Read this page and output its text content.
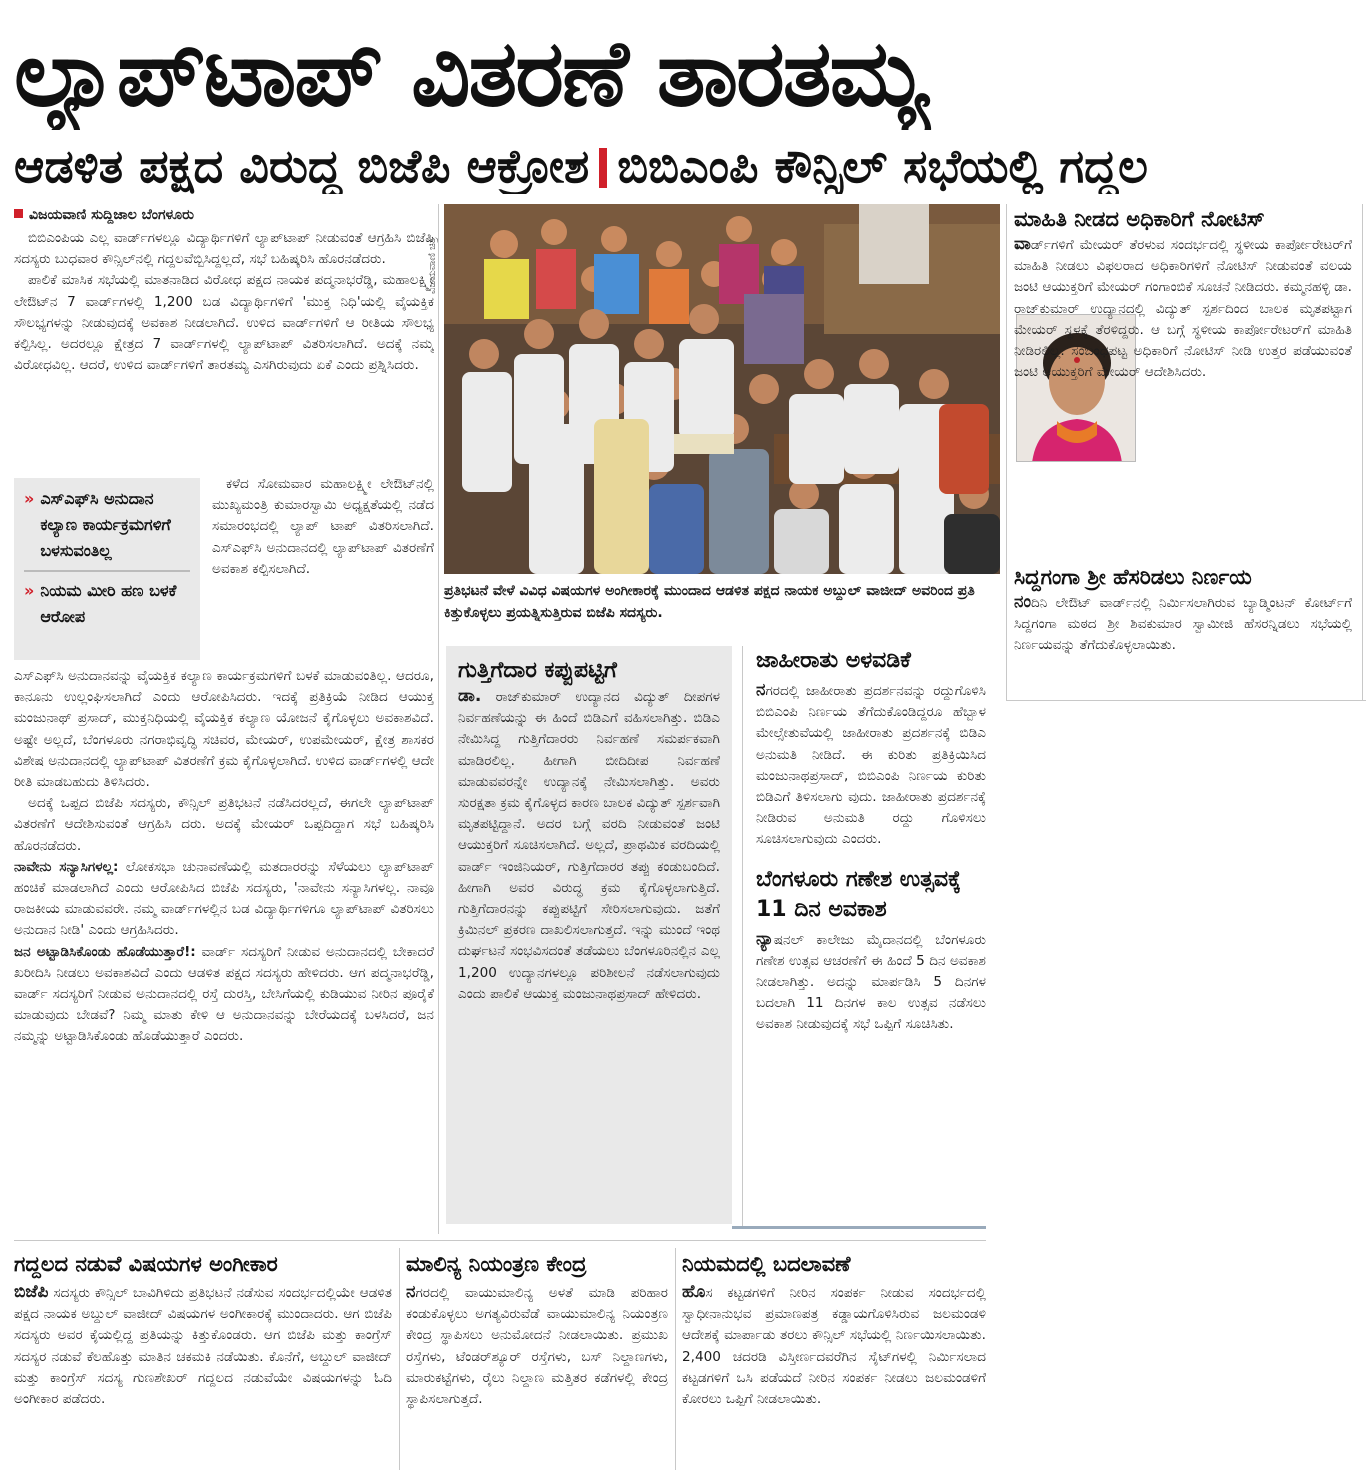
ಲ್ಯಾಪ್‌ಟಾಪ್ ವಿತರಣೆ ತಾರತಮ್ಯ
ಆಡಳಿತ ಪಕ್ಷದ ವಿರುದ್ಧ ಬಿಜೆಪಿ ಆಕ್ರೋಶ ಬಿಬಿಎಂಪಿ ಕೌನ್ಸಿಲ್ ಸಭೆಯಲ್ಲಿ ಗದ್ದಲ
ವಿಜಯವಾಣಿ ಸುದ್ದಿಜಾಲ ಬೆಂಗಳೂರು

ಬಿಬಿಎಂಪಿಯ ಎಲ್ಲ ವಾರ್ಡ್‌ಗಳಲ್ಲೂ ವಿದ್ಯಾರ್ಥಿಗಳಿಗೆ ಲ್ಯಾಪ್‌ಟಾಪ್ ನೀಡುವಂತೆ ಆಗ್ರಹಿಸಿ ಬಿಜೆಪಿ ಸದಸ್ಯರು ಬುಧವಾರ ಕೌನ್ಸಿಲ್‌ನಲ್ಲಿ ಗದ್ದಲವೆಬ್ಬಿಸಿದ್ದಲ್ಲದೆ, ಸಭೆ ಬಹಿಷ್ಕರಿಸಿ ಹೊರನಡೆದರು.

ಪಾಲಿಕೆ ಮಾಸಿಕ ಸಭೆಯಲ್ಲಿ ಮಾತನಾಡಿದ ವಿರೋಧ ಪಕ್ಷದ ನಾಯಕ ಪದ್ಮನಾಭರೆಡ್ಡಿ, ಮಹಾಲಕ್ಷ್ಮೀ ಲೇಔಟ್‌ನ 7 ವಾರ್ಡ್‌ಗಳಲ್ಲಿ 1,200 ಬಡ ವಿದ್ಯಾರ್ಥಿಗಳಿಗೆ 'ಮುಕ್ತ ನಿಧಿ'ಯಲ್ಲಿ ವೈಯಕ್ತಿಕ ಸೌಲಭ್ಯಗಳನ್ನು ನೀಡುವುದಕ್ಕೆ ಅವಕಾಶ ನೀಡಲಾಗಿದೆ. ಉಳಿದ ವಾರ್ಡ್‌ಗಳಿಗೆ ಆ ರೀತಿಯ ಸೌಲಭ್ಯ ಕಲ್ಪಿಸಿಲ್ಲ. ಅದರಲ್ಲೂ ಕ್ಷೇತ್ರದ 7 ವಾರ್ಡ್‌ಗಳಲ್ಲಿ ಲ್ಯಾಪ್‌ಟಾಪ್ ವಿತರಿಸಲಾಗಿದೆ. ಅದಕ್ಕೆ ನಮ್ಮ ವಿರೋಧವಿಲ್ಲ. ಆದರೆ, ಉಳಿದ ವಾರ್ಡ್‌ಗಳಿಗೆ ತಾರತಮ್ಯ ಎಸಗಿರುವುದು ಏಕೆ ಎಂದು ಪ್ರಶ್ನಿಸಿದರು.

» ಎಸ್‌ಎಫ್‌ಸಿ ಅನುದಾನ ಕಲ್ಯಾಣ ಕಾರ್ಯಕ್ರಮಗಳಿಗೆ ಬಳಸುವಂತಿಲ್ಲ
» ನಿಯಮ ಮೀರಿ ಹಣ ಬಳಕೆ ಆರೋಪ

ಕಳೆದ ಸೋಮವಾರ ಮಹಾಲಕ್ಷ್ಮೀ ಲೇಔಟ್‌ನಲ್ಲಿ ಮುಖ್ಯಮಂತ್ರಿ ಕುಮಾರಸ್ವಾಮಿ ಅಧ್ಯಕ್ಷತೆಯಲ್ಲಿ ನಡೆದ ಸಮಾರಂಭದಲ್ಲಿ ಲ್ಯಾಪ್ ಟಾಪ್ ವಿತರಿಸಲಾಗಿದೆ. ಎಸ್‌ಎಫ್‌ಸಿ ಅನುದಾನದಲ್ಲಿ ಲ್ಯಾಪ್‌ಟಾಪ್ ವಿತರಣೆಗೆ ಅವಕಾಶ ಕಲ್ಪಿಸಲಾಗಿದೆ.

ಎಸ್‌ಎಫ್‌ಸಿ ಅನುದಾನವನ್ನು ವೈಯಕ್ತಿಕ ಕಲ್ಯಾಣ ಕಾರ್ಯಕ್ರಮಗಳಿಗೆ ಬಳಕೆ ಮಾಡುವಂತಿಲ್ಲ. ಆದರೂ, ಕಾನೂನು ಉಲ್ಲಂಘಿಸಲಾಗಿದೆ ಎಂದು ಆರೋಪಿಸಿದರು. ಇದಕ್ಕೆ ಪ್ರತಿಕ್ರಿಯೆ ನೀಡಿದ ಆಯುಕ್ತ ಮಂಜುನಾಥ್ ಪ್ರಸಾದ್, ಮುಕ್ತನಿಧಿಯಲ್ಲಿ ವೈಯಕ್ತಿಕ ಕಲ್ಯಾಣ ಯೋಜನೆ ಕೈಗೊಳ್ಳಲು ಅವಕಾಶವಿದೆ. ಅಷ್ಟೇ ಅಲ್ಲದೆ, ಬೆಂಗಳೂರು ನಗರಾಭಿವೃದ್ಧಿ ಸಚಿವರ, ಮೇಯರ್, ಉಪಮೇಯರ್, ಕ್ಷೇತ್ರ ಶಾಸಕರ ವಿಶೇಷ ಅನುದಾನದಲ್ಲಿ ಲ್ಯಾಪ್‌ಟಾಪ್ ವಿತರಣೆಗೆ ಕ್ರಮ ಕೈಗೊಳ್ಳಲಾಗಿದೆ. ಉಳಿದ ವಾರ್ಡ್‌ಗಳಲ್ಲಿ ಆದೇ ರೀತಿ ಮಾಡಬಹುದು ತಿಳಿಸಿದರು.

ಅದಕ್ಕೆ ಒಪ್ಪದ ಬಿಜೆಪಿ ಸದಸ್ಯರು, ಕೌನ್ಸಿಲ್ ಪ್ರತಿಭಟನೆ ನಡೆಸಿದರಲ್ಲದೆ, ಈಗಲೇ ಲ್ಯಾಪ್‌ಟಾಪ್ ವಿತರಣೆಗೆ ಆದೇಶಿಸುವಂತೆ ಆಗ್ರಹಿಸಿ ದರು. ಅದಕ್ಕೆ ಮೇಯರ್ ಒಪ್ಪದಿದ್ದಾಗ ಸಭೆ ಬಹಿಷ್ಕರಿಸಿ ಹೊರನಡೆದರು.

ನಾವೇನು ಸನ್ಯಾಸಿಗಳಲ್ಲ: ಲೋಕಸಭಾ ಚುನಾವಣೆಯಲ್ಲಿ ಮತದಾರರನ್ನು ಸೆಳೆಯಲು ಲ್ಯಾಪ್‌ಟಾಪ್ ಹಂಚಿಕೆ ಮಾಡಲಾಗಿದೆ ಎಂದು ಆರೋಪಿಸಿದ ಬಿಜೆಪಿ ಸದಸ್ಯರು, 'ನಾವೇನು ಸನ್ಯಾಸಿಗಳಲ್ಲ. ನಾವೂ ರಾಜಕೀಯ ಮಾಡುವವರೇ. ನಮ್ಮ ವಾರ್ಡ್‌ಗಳಲ್ಲಿನ ಬಡ ವಿದ್ಯಾರ್ಥಿಗಳಿಗೂ ಲ್ಯಾಪ್‌ಟಾಪ್ ವಿತರಿಸಲು ಅನುದಾನ ನೀಡಿ' ಎಂದು ಆಗ್ರಹಿಸಿದರು.

ಜನ ಅಟ್ಟಾಡಿಸಿಕೊಂಡು ಹೊಡೆಯುತ್ತಾರೆ!: ವಾರ್ಡ್ ಸದಸ್ಯರಿಗೆ ನೀಡುವ ಅನುದಾನದಲ್ಲಿ ಬೇಕಾದರೆ ಖರೀದಿಸಿ ನೀಡಲು ಅವಕಾಶವಿದೆ ಎಂದು ಆಡಳಿತ ಪಕ್ಷದ ಸದಸ್ಯರು ಹೇಳಿದರು. ಆಗ ಪದ್ಮನಾಭರೆಡ್ಡಿ, ವಾರ್ಡ್ ಸದಸ್ಯರಿಗೆ ನೀಡುವ ಅನುದಾನದಲ್ಲಿ ರಸ್ತೆ ದುರಸ್ತಿ, ಬೇಸಿಗೆಯಲ್ಲಿ ಕುಡಿಯುವ ನೀರಿನ ಪೂರೈಕೆ ಮಾಡುವುದು ಬೇಡವೆ? ನಿಮ್ಮ ಮಾತು ಕೇಳಿ ಆ ಅನುದಾನವನ್ನು ಬೇರೆಯದಕ್ಕೆ ಬಳಸಿದರೆ, ಜನ ನಮ್ಮನ್ನು ಅಟ್ಟಾಡಿಸಿಕೊಂಡು ಹೊಡೆಯುತ್ತಾರೆ ಎಂದರು.

ವಿಜಯವಾಣಿ ಚಿತ್ರ
ಪ್ರತಿಭಟನೆ ವೇಳೆ ವಿವಿಧ ವಿಷಯಗಳ ಅಂಗೀಕಾರಕ್ಕೆ ಮುಂದಾದ ಆಡಳಿತ ಪಕ್ಷದ ನಾಯಕ ಅಬ್ದುಲ್ ವಾಜೀದ್ ಅವರಿಂದ ಪ್ರತಿ ಕಿತ್ತುಕೊಳ್ಳಲು ಪ್ರಯತ್ನಿಸುತ್ತಿರುವ ಬಿಜೆಪಿ ಸದಸ್ಯರು.
ಗುತ್ತಿಗೆದಾರ ಕಪ್ಪುಪಟ್ಟಿಗೆ

ಡಾ. ರಾಜ್‌ಕುಮಾರ್ ಉದ್ಯಾನದ ವಿದ್ಯುತ್ ದೀಪಗಳ ನಿರ್ವಹಣೆಯನ್ನು ಈ ಹಿಂದೆ ಬಿಡಿಎಗೆ ವಹಿಸಲಾಗಿತ್ತು. ಬಿಡಿಎ ನೇಮಿಸಿದ್ದ ಗುತ್ತಿಗೆದಾರರು ನಿರ್ವಹಣೆ ಸಮರ್ಪಕವಾಗಿ ಮಾಡಿರಲಿಲ್ಲ. ಹೀಗಾಗಿ ಬೀದಿದೀಪ ನಿರ್ವಹಣೆ ಮಾಡುವವರನ್ನೇ ಉದ್ಯಾನಕ್ಕೆ ನೇಮಿಸಲಾಗಿತ್ತು. ಅವರು ಸುರಕ್ಷತಾ ಕ್ರಮ ಕೈಗೊಳ್ಳದ ಕಾರಣ ಬಾಲಕ ವಿದ್ಯುತ್ ಸ್ಪರ್ಶವಾಗಿ ಮೃತಪಟ್ಟಿದ್ದಾನೆ. ಅದರ ಬಗ್ಗೆ ವರದಿ ನೀಡುವಂತೆ ಜಂಟಿ ಆಯುಕ್ತರಿಗೆ ಸೂಚಿಸಲಾಗಿದೆ. ಅಲ್ಲದೆ, ಪ್ರಾಥಮಿಕ ವರದಿಯಲ್ಲಿ ವಾರ್ಡ್ ಇಂಜಿನಿಯರ್, ಗುತ್ತಿಗೆದಾರರ ತಪ್ಪು ಕಂಡುಬಂದಿದೆ. ಹೀಗಾಗಿ ಅವರ ವಿರುದ್ಧ ಕ್ರಮ ಕೈಗೊಳ್ಳಲಾಗುತ್ತಿದೆ. ಗುತ್ತಿಗೆದಾರನನ್ನು ಕಪ್ಪುಪಟ್ಟಿಗೆ ಸೇರಿಸಲಾಗುವುದು. ಜತೆಗೆ ಕ್ರಿಮಿನಲ್ ಪ್ರಕರಣ ದಾಖಲಿಸಲಾಗುತ್ತದೆ. ಇನ್ನು ಮುಂದೆ ಇಂಥ ದುರ್ಘಟನೆ ಸಂಭವಿಸದಂತೆ ತಡೆಯಲು ಬೆಂಗಳೂರಿನಲ್ಲಿನ ಎಲ್ಲ 1,200 ಉದ್ಯಾನಗಳಲ್ಲೂ ಪರಿಶೀಲನೆ ನಡೆಸಲಾಗುವುದು ಎಂದು ಪಾಲಿಕೆ ಆಯುಕ್ತ ಮಂಜುನಾಥಪ್ರಸಾದ್ ಹೇಳಿದರು.

ಜಾಹೀರಾತು ಅಳವಡಿಕೆ

ನಗರದಲ್ಲಿ ಜಾಹೀರಾತು ಪ್ರದರ್ಶನವನ್ನು ರದ್ದುಗೊಳಿಸಿ ಬಿಬಿಎಂಪಿ ನಿರ್ಣಯ ತೆಗೆದುಕೊಂಡಿದ್ದರೂ ಹೆಬ್ಬಾಳ ಮೇಲ್ಸೇತುವೆಯಲ್ಲಿ ಜಾಹೀರಾತು ಪ್ರದರ್ಶನಕ್ಕೆ ಬಿಡಿಎ ಅನುಮತಿ ನೀಡಿದೆ. ಈ ಕುರಿತು ಪ್ರತಿಕ್ರಿಯಿಸಿದ ಮಂಜುನಾಥಪ್ರಸಾದ್, ಬಿಬಿಎಂಪಿ ನಿರ್ಣಯ ಕುರಿತು ಬಿಡಿಎಗೆ ತಿಳಿಸಲಾಗು ವುದು. ಜಾಹೀರಾತು ಪ್ರದರ್ಶನಕ್ಕೆ ನೀಡಿರುವ ಅನುಮತಿ ರದ್ದು ಗೊಳಿಸಲು ಸೂಚಿಸಲಾಗುವುದು ಎಂದರು.

ಬೆಂಗಳೂರು ಗಣೇಶ ಉತ್ಸವಕ್ಕೆ 11 ದಿನ ಅವಕಾಶ

ನ್ಯಾಷನಲ್ ಕಾಲೇಜು ಮೈದಾನದಲ್ಲಿ ಬೆಂಗಳೂರು ಗಣೇಶ ಉತ್ಸವ ಆಚರಣೆಗೆ ಈ ಹಿಂದೆ 5 ದಿನ ಅವಕಾಶ ನೀಡಲಾಗಿತ್ತು. ಅದನ್ನು ಮಾರ್ಪಡಿಸಿ 5 ದಿನಗಳ ಬದಲಾಗಿ 11 ದಿನಗಳ ಕಾಲ ಉತ್ಸವ ನಡೆಸಲು ಅವಕಾಶ ನೀಡುವುದಕ್ಕೆ ಸಭೆ ಒಪ್ಪಿಗೆ ಸೂಚಿಸಿತು.

ಮಾಹಿತಿ ನೀಡದ ಅಧಿಕಾರಿಗೆ ನೋಟಿಸ್

ವಾರ್ಡ್‌ಗಳಿಗೆ ಮೇಯರ್ ತೆರಳುವ ಸಂದರ್ಭದಲ್ಲಿ ಸ್ಥಳೀಯ ಕಾರ್ಪೋರೇಟರ್‌ಗೆ ಮಾಹಿತಿ ನೀಡಲು ವಿಫಲರಾದ ಅಧಿಕಾರಿಗಳಿಗೆ ನೋಟಿಸ್ ನೀಡುವಂತೆ ವಲಯ ಜಂಟಿ ಆಯುಕ್ತರಿಗೆ ಮೇಯರ್ ಗಂಗಾಂಬಿಕೆ ಸೂಚನೆ ನೀಡಿದರು. ಕಮ್ಮನಹಳ್ಳಿ ಡಾ. ರಾಜ್‌ಕುಮಾರ್ ಉದ್ಯಾನದಲ್ಲಿ ವಿದ್ಯುತ್ ಸ್ಪರ್ಶದಿಂದ ಬಾಲಕ ಮೃತಪಟ್ಟಾಗ ಮೇಯರ್ ಸ್ಥಳಕ್ಕೆ ತೆರಳಿದ್ದರು. ಆ ಬಗ್ಗೆ ಸ್ಥಳೀಯ ಕಾರ್ಪೋರೇಟರ್‌ಗೆ ಮಾಹಿತಿ ನೀಡಿರಲಿಲ್ಲ. ಸಂಬಂಧಪಟ್ಟ ಅಧಿಕಾರಿಗೆ ನೋಟಿಸ್ ನೀಡಿ ಉತ್ತರ ಪಡೆಯುವಂತೆ ಜಂಟಿ ಆಯುಕ್ತರಿಗೆ ಮೇಯರ್ ಆದೇಶಿಸಿದರು.

ಸಿದ್ದಗಂಗಾ ಶ್ರೀ ಹೆಸರಿಡಲು ನಿರ್ಣಯ

ನಂದಿನಿ ಲೇಔಟ್ ವಾರ್ಡ್‌ನಲ್ಲಿ ನಿರ್ಮಿಸಲಾಗಿರುವ ಬ್ಯಾಡ್ಮಿಂಟನ್ ಕೋರ್ಟ್‌ಗೆ ಸಿದ್ದಗಂಗಾ ಮಠದ ಶ್ರೀ ಶಿವಕುಮಾರ ಸ್ವಾಮೀಜಿ ಹೆಸರನ್ನಿಡಲು ಸಭೆಯಲ್ಲಿ ನಿರ್ಣಯವನ್ನು ತೆಗೆದುಕೊಳ್ಳಲಾಯಿತು.

ಗದ್ದಲದ ನಡುವೆ ವಿಷಯಗಳ ಅಂಗೀಕಾರ

ಬಿಜೆಪಿ ಸದಸ್ಯರು ಕೌನ್ಸಿಲ್ ಬಾವಿಗಿಳಿದು ಪ್ರತಿಭಟನೆ ನಡೆಸುವ ಸಂದರ್ಭದಲ್ಲಿಯೇ ಆಡಳಿತ ಪಕ್ಷದ ನಾಯಕ ಅಬ್ದುಲ್ ವಾಜೀದ್ ವಿಷಯಗಳ ಅಂಗೀಕಾರಕ್ಕೆ ಮುಂದಾದರು. ಆಗ ಬಿಜೆಪಿ ಸದಸ್ಯರು ಅವರ ಕೈಯಲ್ಲಿದ್ದ ಪ್ರತಿಯನ್ನು ಕಿತ್ತುಕೊಂಡರು. ಆಗ ಬಿಜೆಪಿ ಮತ್ತು ಕಾಂಗ್ರೆಸ್ ಸದಸ್ಯರ ನಡುವೆ ಕೆಲಹೊತ್ತು ಮಾತಿನ ಚಕಮಕಿ ನಡೆಯಿತು. ಕೊನೆಗೆ, ಅಬ್ದುಲ್ ವಾಜೀದ್ ಮತ್ತು ಕಾಂಗ್ರೆಸ್ ಸದಸ್ಯ ಗುಣಶೇಖರ್ ಗದ್ದಲದ ನಡುವೆಯೇ ವಿಷಯಗಳನ್ನು ಓದಿ ಅಂಗೀಕಾರ ಪಡೆದರು.

ಮಾಲಿನ್ಯ ನಿಯಂತ್ರಣ ಕೇಂದ್ರ

ನಗರದಲ್ಲಿ ವಾಯುಮಾಲಿನ್ಯ ಅಳತೆ ಮಾಡಿ ಪರಿಹಾರ ಕಂಡುಕೊಳ್ಳಲು ಅಗತ್ಯವಿರುವೆಡೆ ವಾಯುಮಾಲಿನ್ಯ ನಿಯಂತ್ರಣ ಕೇಂದ್ರ ಸ್ಥಾಪಿಸಲು ಅನುಮೋದನೆ ನೀಡಲಾಯಿತು. ಪ್ರಮುಖ ರಸ್ತೆಗಳು, ಟೆಂಡರ್‌ಶ್ಯೂರ್ ರಸ್ತೆಗಳು, ಬಸ್ ನಿಲ್ದಾಣಗಳು, ಮಾರುಕಟ್ಟೆಗಳು, ರೈಲು ನಿಲ್ದಾಣ ಮತ್ತಿತರ ಕಡೆಗಳಲ್ಲಿ ಕೇಂದ್ರ ಸ್ಥಾಪಿಸಲಾಗುತ್ತದೆ.

ನಿಯಮದಲ್ಲಿ ಬದಲಾವಣೆ

ಹೊಸ ಕಟ್ಟಡಗಳಿಗೆ ನೀರಿನ ಸಂಪರ್ಕ ನೀಡುವ ಸಂದರ್ಭದಲ್ಲಿ ಸ್ವಾಧೀನಾನುಭವ ಪ್ರಮಾಣಪತ್ರ ಕಡ್ಡಾಯಗೊಳಿಸಿರುವ ಜಲಮಂಡಳಿ ಆದೇಶಕ್ಕೆ ಮಾರ್ಪಾಡು ತರಲು ಕೌನ್ಸಿಲ್ ಸಭೆಯಲ್ಲಿ ನಿರ್ಣಯಿಸಲಾಯಿತು. 2,400 ಚದರಡಿ ವಿಸ್ತೀರ್ಣದವರೆಗಿನ ಸೈಟ್‌ಗಳಲ್ಲಿ ನಿರ್ಮಿಸಲಾದ ಕಟ್ಟಡಗಳಿಗೆ ಒಸಿ ಪಡೆಯದೆ ನೀರಿನ ಸಂಪರ್ಕ ನೀಡಲು ಜಲಮಂಡಳಿಗೆ ಕೋರಲು ಒಪ್ಪಿಗೆ ನೀಡಲಾಯಿತು.
